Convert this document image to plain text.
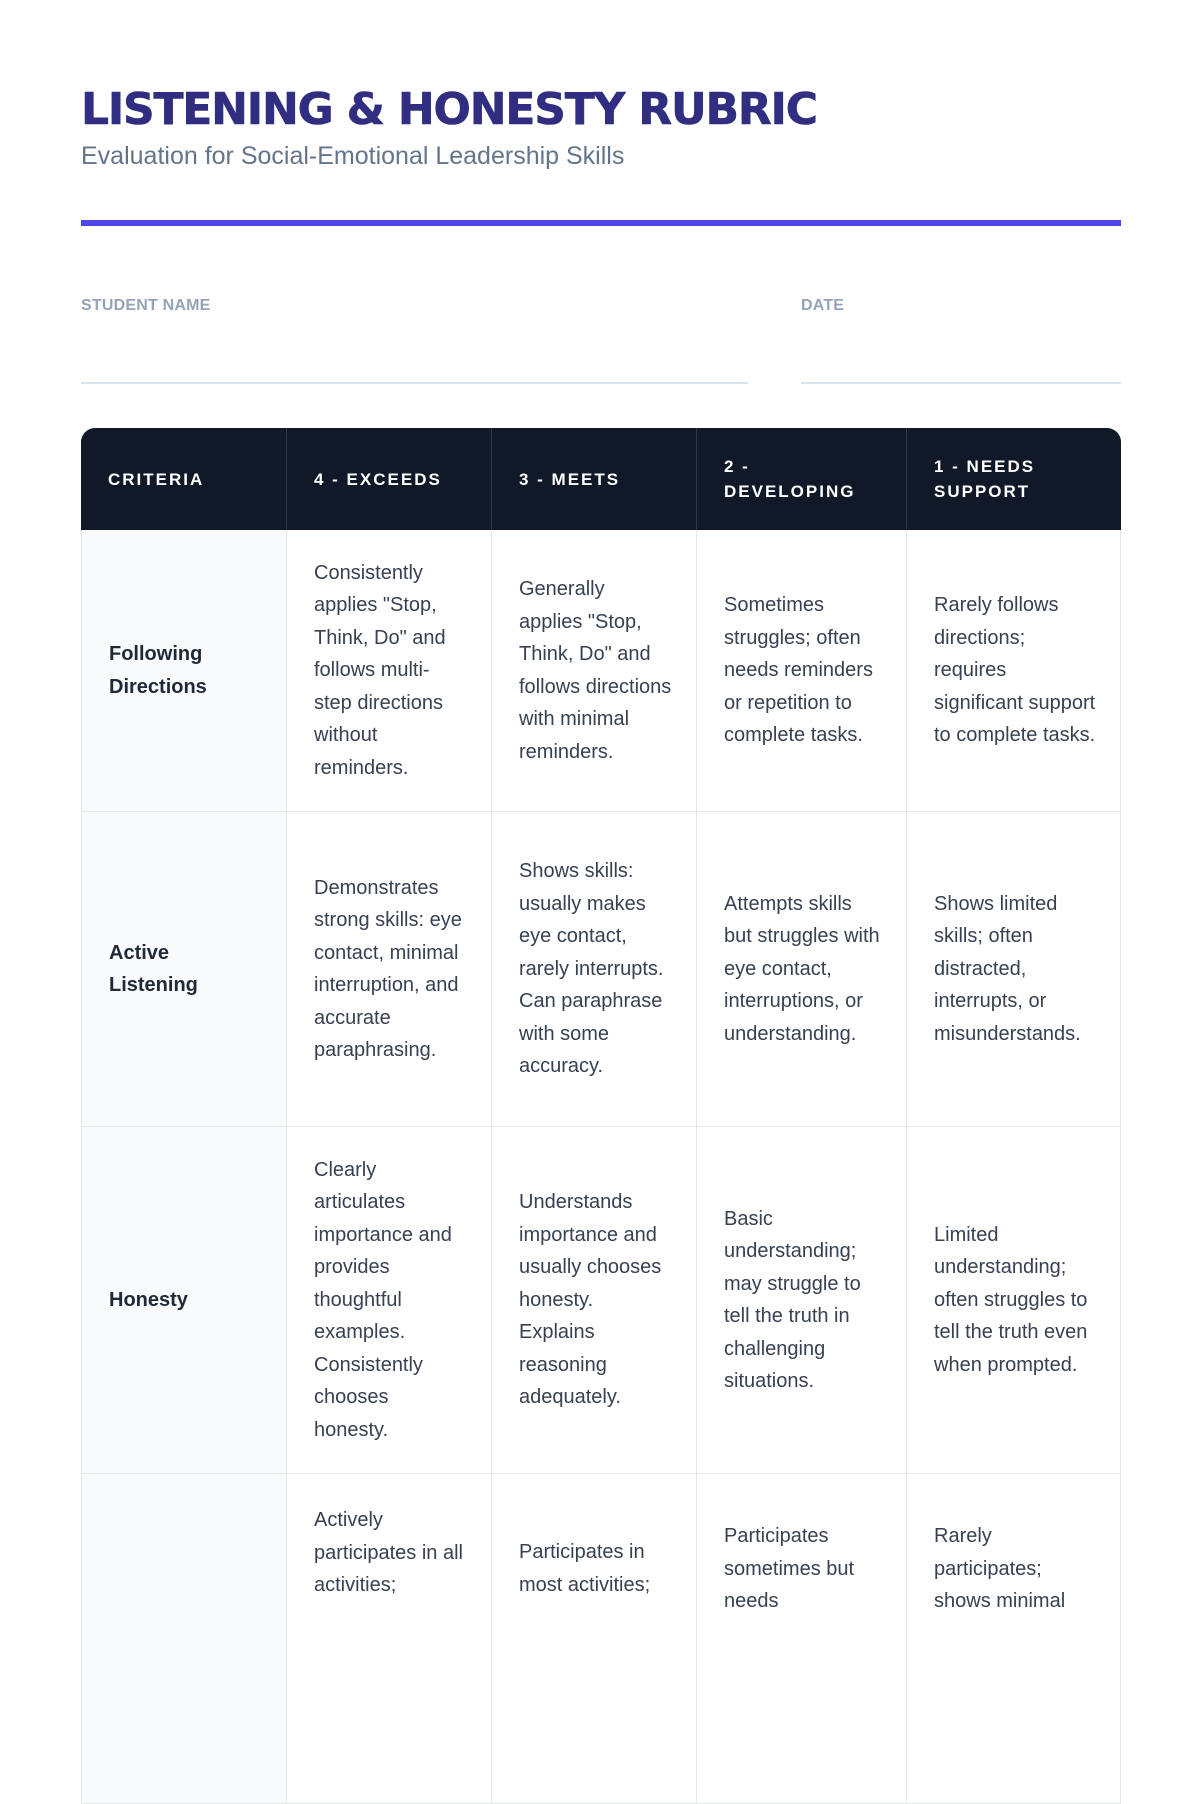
LISTENING & HONESTY RUBRIC

Evaluation for Social-Emotional Leadership Skills

STUDENT NAME	DATE
CRITERIA	4 - EXCEEDS	3 - MEETS	2 - DEVELOPING	1 - NEEDS SUPPORT
Following Directions	Consistently applies "Stop, Think, Do" and follows multi-step directions without reminders.	Generally applies "Stop, Think, Do" and follows directions with minimal reminders.	Sometimes struggles; often needs reminders or repetition to complete tasks.	Rarely follows directions; requires significant support to complete tasks.
Active Listening	Demonstrates strong skills: eye contact, minimal interruption, and accurate paraphrasing.	Shows skills: usually makes eye contact, rarely interrupts. Can paraphrase with some accuracy.	Attempts skills but struggles with eye contact, interruptions, or understanding.	Shows limited skills; often distracted, interrupts, or misunderstands.
Honesty	Clearly articulates importance and provides thoughtful examples. Consistently chooses honesty.	Understands importance and usually chooses honesty. Explains reasoning adequately.	Basic understanding; may struggle to tell the truth in challenging situations.	Limited understanding; often struggles to tell the truth even when prompted.
	Actively participates in all activities;	Participates in most activities;	Participates sometimes but needs	Rarely participates; shows minimal
